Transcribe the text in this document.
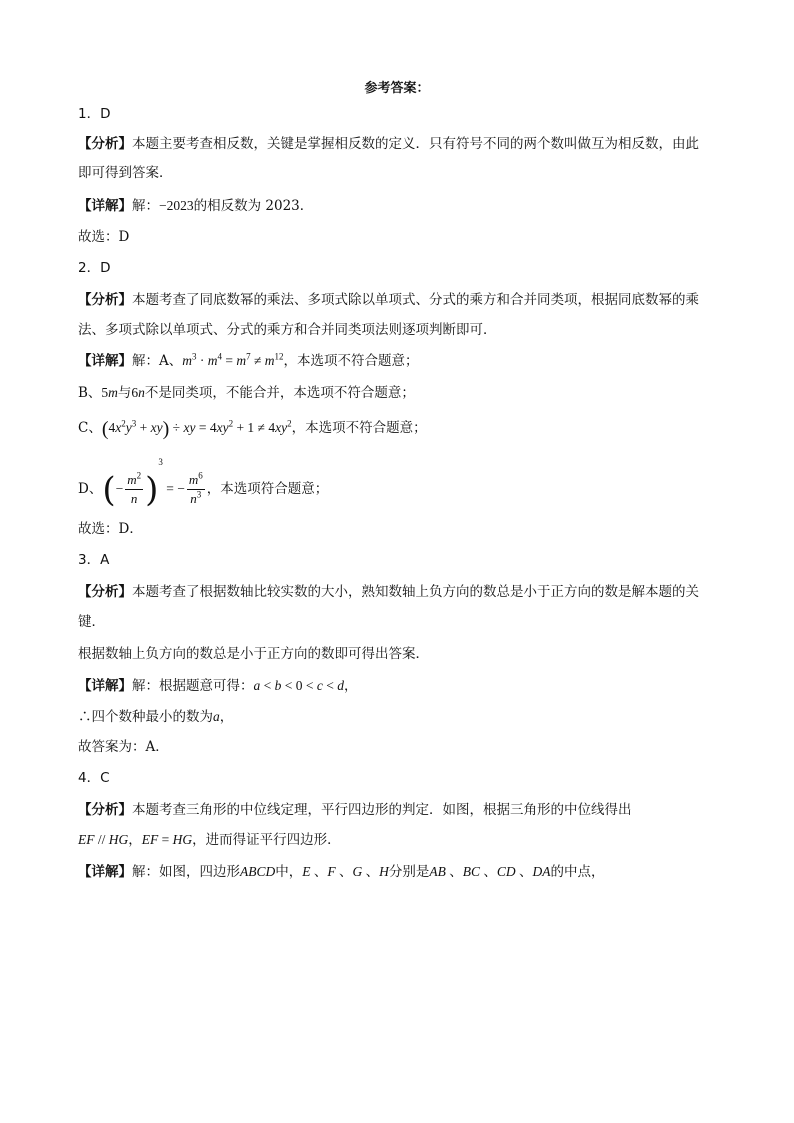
参考答案：
1．D
【分析】本题主要考查相反数，关键是掌握相反数的定义．只有符号不同的两个数叫做互为相反数，由此
即可得到答案．
【详解】解：−2023的相反数为 2023．
故选：D
2．D
【分析】本题考查了同底数幂的乘法、多项式除以单项式、分式的乘方和合并同类项，根据同底数幂的乘
法、多项式除以单项式、分式的乘方和合并同类项法则逐项判断即可．
【详解】解：A、$m^3 \cdot m^4 = m^7 \ne m^{12}$，本选项不符合题意；
B、5m与6n不是同类项，不能合并，本选项不符合题意；
C、$(4x^2y^3 + xy)$ ÷ xy = $4xy^2 + 1 \ne 4xy^2$，本选项不符合题意；
D、(− $\frac{m^2}{n} )^3$ = − $\frac{m^6}{n^3}$ ，本选项符合题意；
故选：D．
3．A
【分析】本题考查了根据数轴比较实数的大小，熟知数轴上负方向的数总是小于正方向的数是解本题的关
键．
根据数轴上负方向的数总是小于正方向的数即可得出答案．
【详解】解：根据题意可得：a < b < 0 < c < d，
∴四个数种最小的数为a，
故答案为：A．
4．C
【分析】本题考查三角形的中位线定理，平行四边形的判定．如图，根据三角形的中位线得出
EF // HG，EF = HG，进而得证平行四边形．
【详解】解：如图，四边形ABCD中，E 、F 、G 、H分别是AB 、BC 、CD 、DA的中点，
